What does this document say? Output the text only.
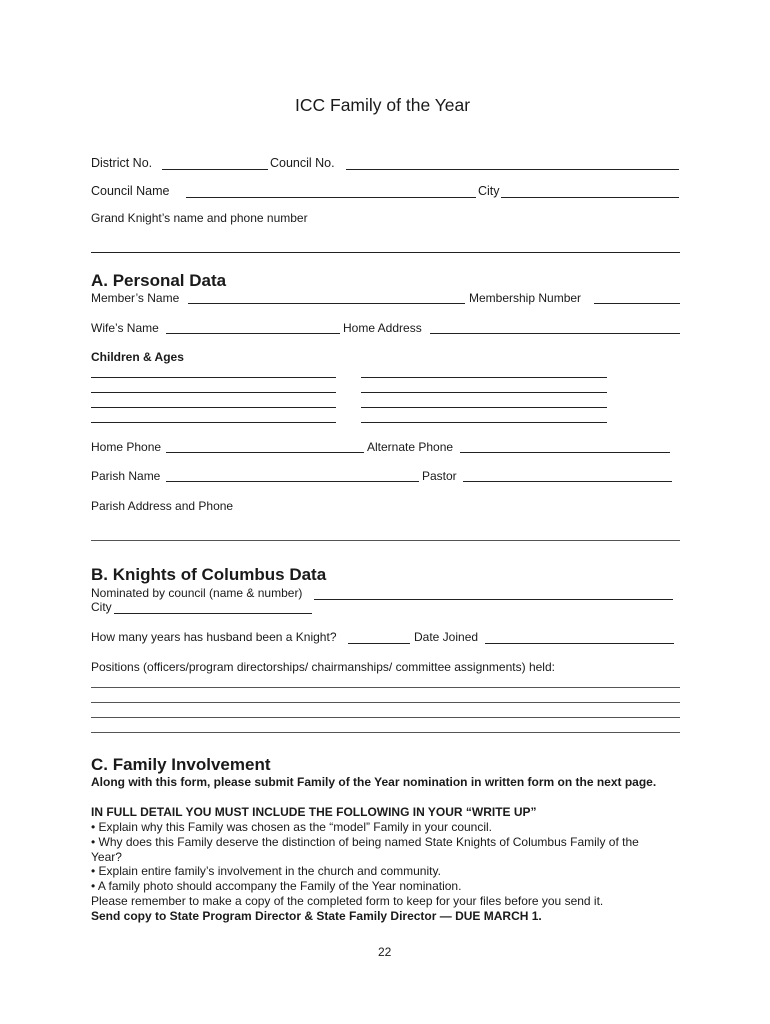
ICC Family of the Year
District No.	Council No.
Council Name	City
Grand Knight’s name and phone number
A. Personal Data
Member’s Name	Membership Number
Wife’s Name	Home Address
Children & Ages
Home Phone	Alternate Phone
Parish Name	Pastor
Parish Address and Phone
B. Knights of Columbus Data
Nominated by council (name & number)
City
How many years has husband been a Knight?	Date Joined
Positions (officers/program directorships/ chairmanships/ committee assignments) held:
C. Family Involvement
Along with this form, please submit Family of the Year nomination in written form on the next page.
IN FULL DETAIL YOU MUST INCLUDE THE FOLLOWING IN YOUR “WRITE UP”
• Explain why this Family was chosen as the “model” Family in your council.
• Why does this Family deserve the distinction of being named State Knights of Columbus Family of the
Year?
• Explain entire family’s involvement in the church and community.
• A family photo should accompany the Family of the Year nomination.
Please remember to make a copy of the completed form to keep for your files before you send it.
Send copy to State Program Director & State Family Director — DUE MARCH 1.
22
